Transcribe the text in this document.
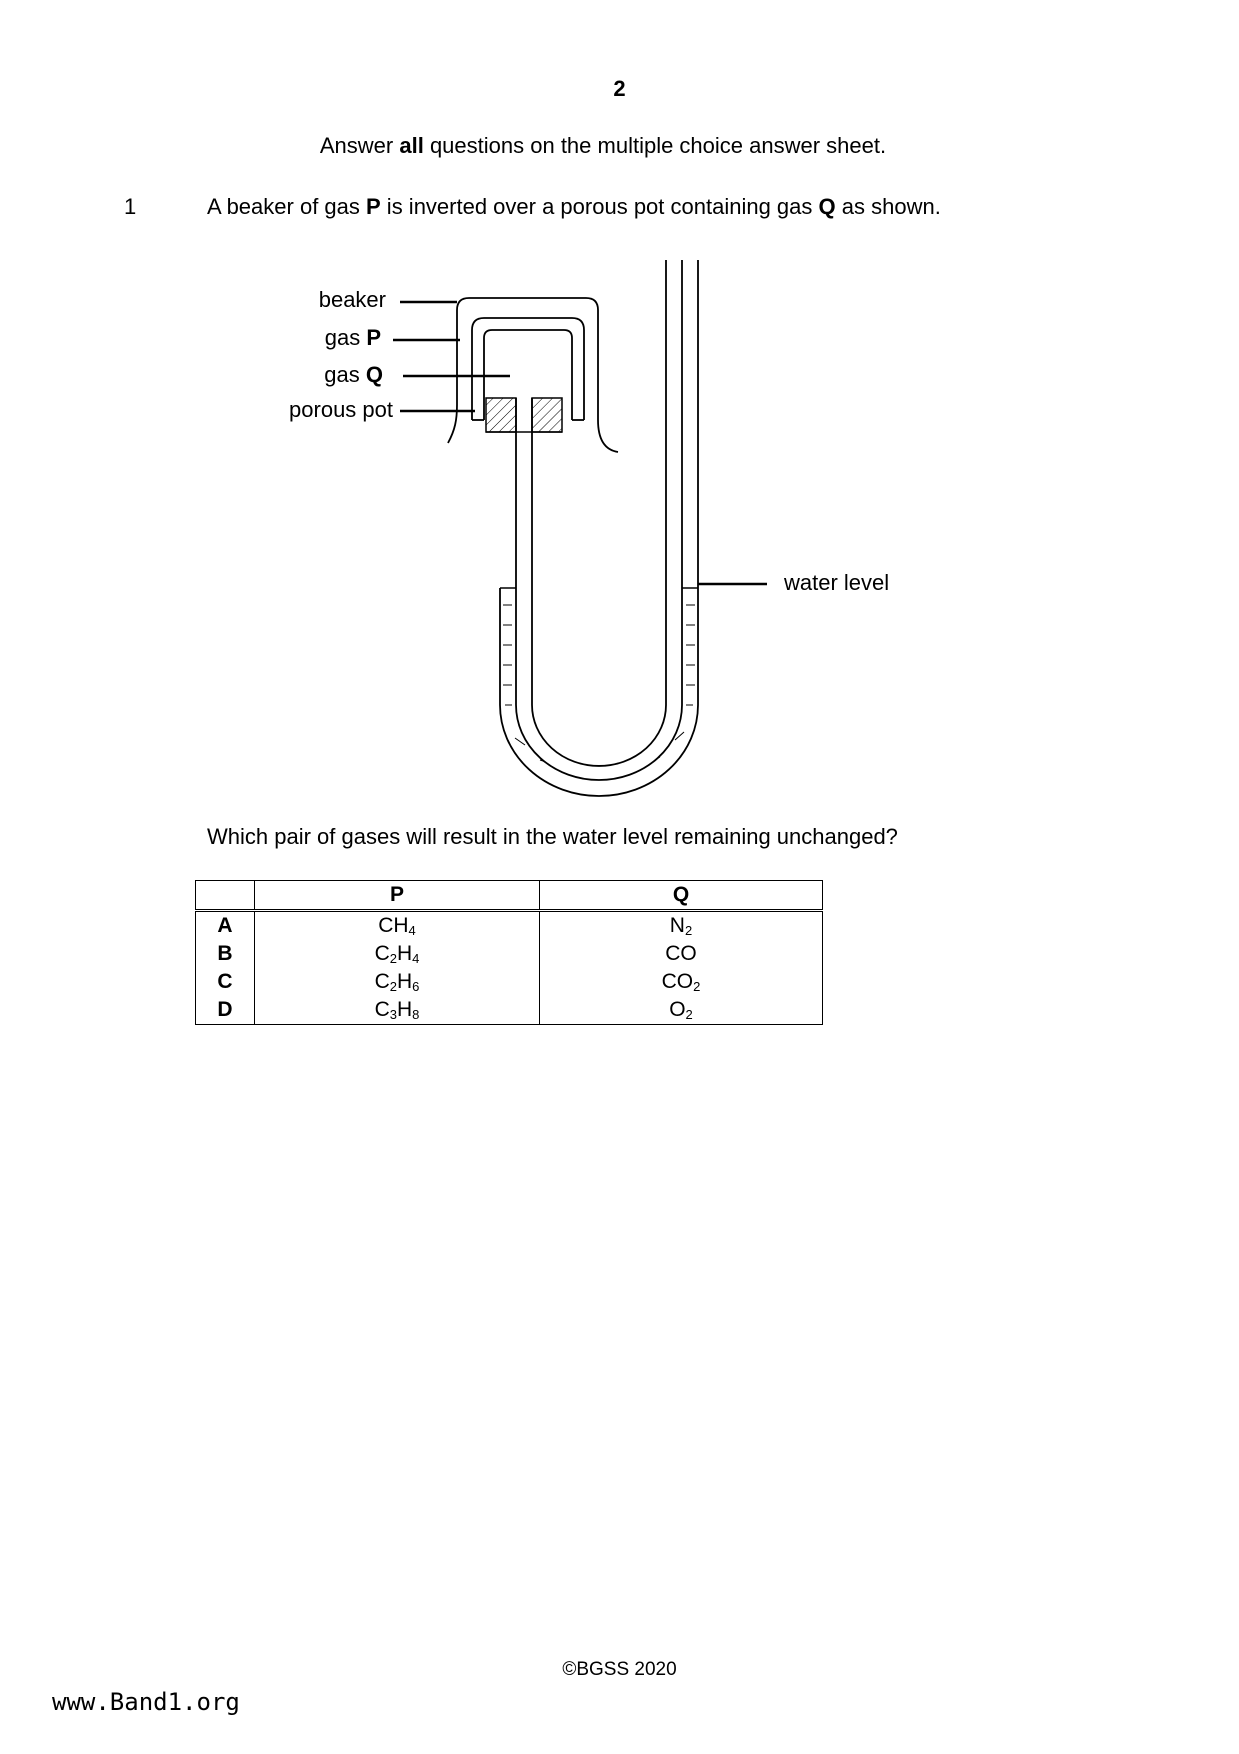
2
Answer all questions on the multiple choice answer sheet.
1	A beaker of gas P is inverted over a porous pot containing gas Q as shown.
beaker
gas P
gas Q
porous pot
water level
Which pair of gases will result in the water level remaining unchanged?
	P	Q
A	$CH_4$	$N_2$
B	$C_2H_4$	CO
C	$C_2H_6$	$CO_2$
D	$C_3H_8$	$O_2$
©BGSS 2020
www.Band1.org
